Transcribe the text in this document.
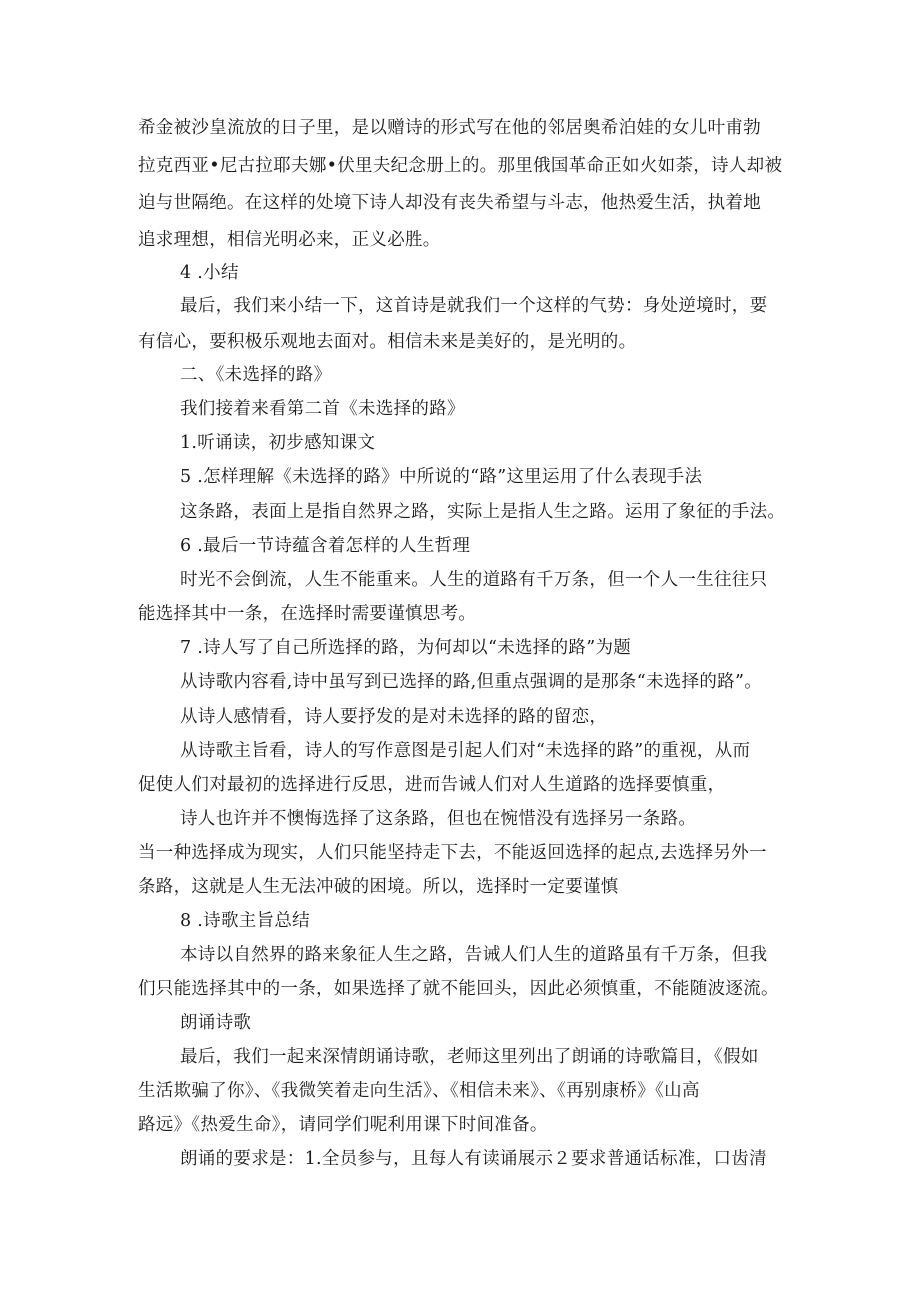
希金被沙皇流放的日子里，是以赠诗的形式写在他的邻居奥希泊娃的女儿叶甫勃
拉克西亚•尼古拉耶夫娜•伏里夫纪念册上的。那里俄国革命正如火如荼，诗人却被
迫与世隔绝。在这样的处境下诗人却没有丧失希望与斗志，他热爱生活，执着地
追求理想，相信光明必来，正义必胜。
4 .小结
最后，我们来小结一下，这首诗是就我们一个这样的气势：身处逆境时，要
有信心，要积极乐观地去面对。相信未来是美好的，是光明的。
二、《未选择的路》
我们接着来看第二首《未选择的路》
1.听诵读，初步感知课文
5 .怎样理解《未选择的路》中所说的“路”这里运用了什么表现手法
这条路，表面上是指自然界之路，实际上是指人生之路。运用了象征的手法。
6 .最后一节诗蕴含着怎样的人生哲理
时光不会倒流，人生不能重来。人生的道路有千万条，但一个人一生往往只
能选择其中一条，在选择时需要谨慎思考。
7 .诗人写了自己所选择的路，为何却以“未选择的路”为题
从诗歌内容看,诗中虽写到已选择的路,但重点强调的是那条“未选择的路”。
从诗人感情看，诗人要抒发的是对未选择的路的留恋，
从诗歌主旨看，诗人的写作意图是引起人们对“未选择的路”的重视，从而
促使人们对最初的选择进行反思，进而告诫人们对人生道路的选择要慎重，
诗人也许并不懊悔选择了这条路，但也在惋惜没有选择另一条路。
当一种选择成为现实，人们只能坚持走下去，不能返回选择的起点,去选择另外一
条路，这就是人生无法冲破的困境。所以，选择时一定要谨慎
8 .诗歌主旨总结
本诗以自然界的路来象征人生之路，告诫人们人生的道路虽有千万条，但我
们只能选择其中的一条，如果选择了就不能回头，因此必须慎重，不能随波逐流。
朗诵诗歌
最后，我们一起来深情朗诵诗歌，老师这里列出了朗诵的诗歌篇目，《假如
生活欺骗了你》、《我微笑着走向生活》、《相信未来》、《再别康桥》《山高
路远》《热爱生命》，请同学们呢利用课下时间准备。
朗诵的要求是：1.全员参与，且每人有读诵展示２要求普通话标准，口齿清
